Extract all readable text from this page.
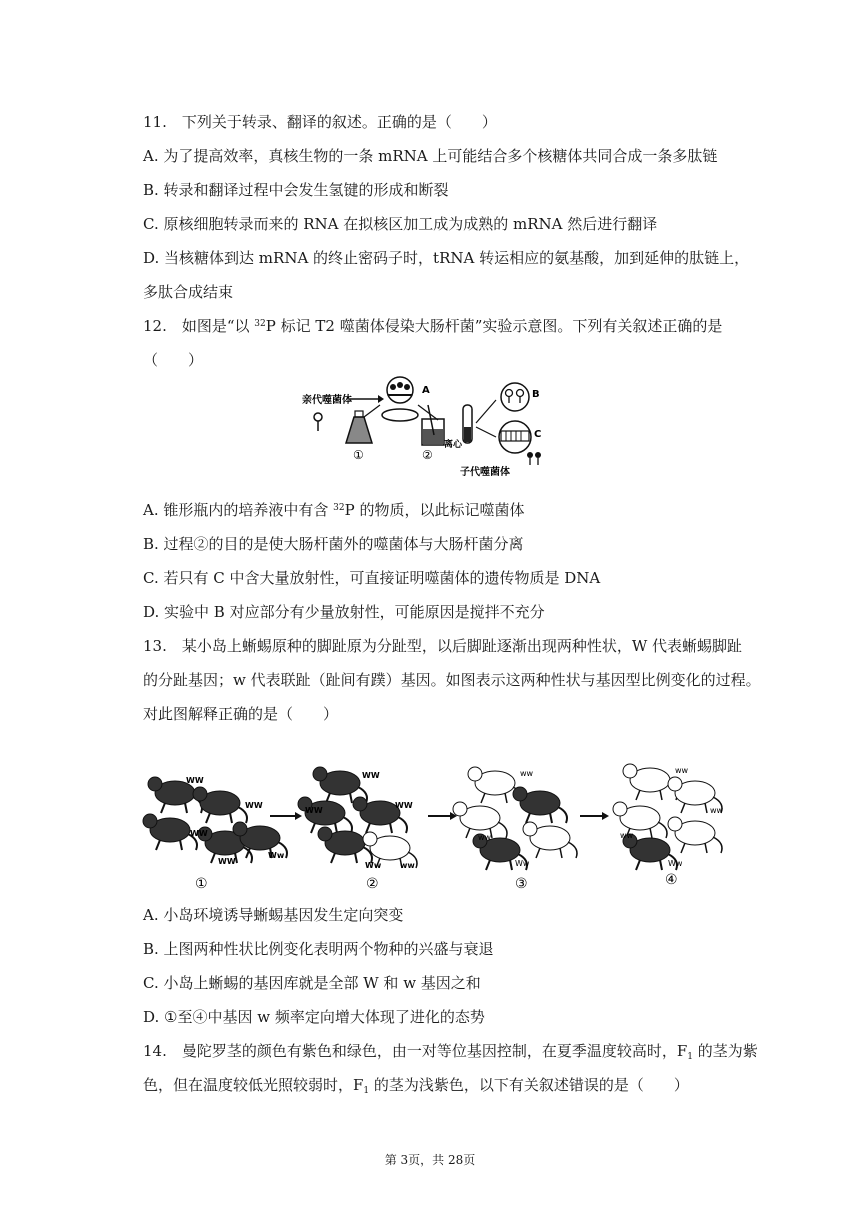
11.　下列关于转录、翻译的叙述。正确的是（　　）
A. 为了提高效率，真核生物的一条 mRNA 上可能结合多个核糖体共同合成一条多肽链
B. 转录和翻译过程中会发生氢键的形成和断裂
C. 原核细胞转录而来的 RNA 在拟核区加工成为成熟的 mRNA 然后进行翻译
D. 当核糖体到达 mRNA 的终止密码子时，tRNA 转运相应的氨基酸，加到延伸的肽链上，
多肽合成结束
12.　如图是“以 $^{32}$P 标记 T2 噬菌体侵染大肠杆菌”实验示意图。下列有关叙述正确的是
（　　）
亲代噬菌体
A
①	②
离心
B
C
子代噬菌体
A. 锥形瓶内的培养液中有含 $^{32}$P 的物质，以此标记噬菌体
B. 过程②的目的是使大肠杆菌外的噬菌体与大肠杆菌分离
C. 若只有 C 中含大量放射性，可直接证明噬菌体的遗传物质是 DNA
D. 实验中 B 对应部分有少量放射性，可能原因是搅拌不充分
13.　某小岛上蜥蜴原种的脚趾原为分趾型，以后脚趾逐渐出现两种性状，W 代表蜥蜴脚趾
的分趾基因；w 代表联趾（趾间有蹼）基因。如图表示这两种性状与基因型比例变化的过程。
对此图解释正确的是（　　）
WW
WW
WW
WW
Ww
①
WW
WW
WW
Ww ww
②
ww
ww
Ww
③
ww
ww
ww
Ww
④
A. 小岛环境诱导蜥蜴基因发生定向突变
B. 上图两种性状比例变化表明两个物种的兴盛与衰退
C. 小岛上蜥蜴的基因库就是全部 W 和 w 基因之和
D. ①至④中基因 w 频率定向增大体现了进化的态势
14.　曼陀罗茎的颜色有紫色和绿色，由一对等位基因控制，在夏季温度较高时，$F_1$ 的茎为紫
色，但在温度较低光照较弱时，$F_1$ 的茎为浅紫色，以下有关叙述错误的是（　　）
第 3页，共 28页
